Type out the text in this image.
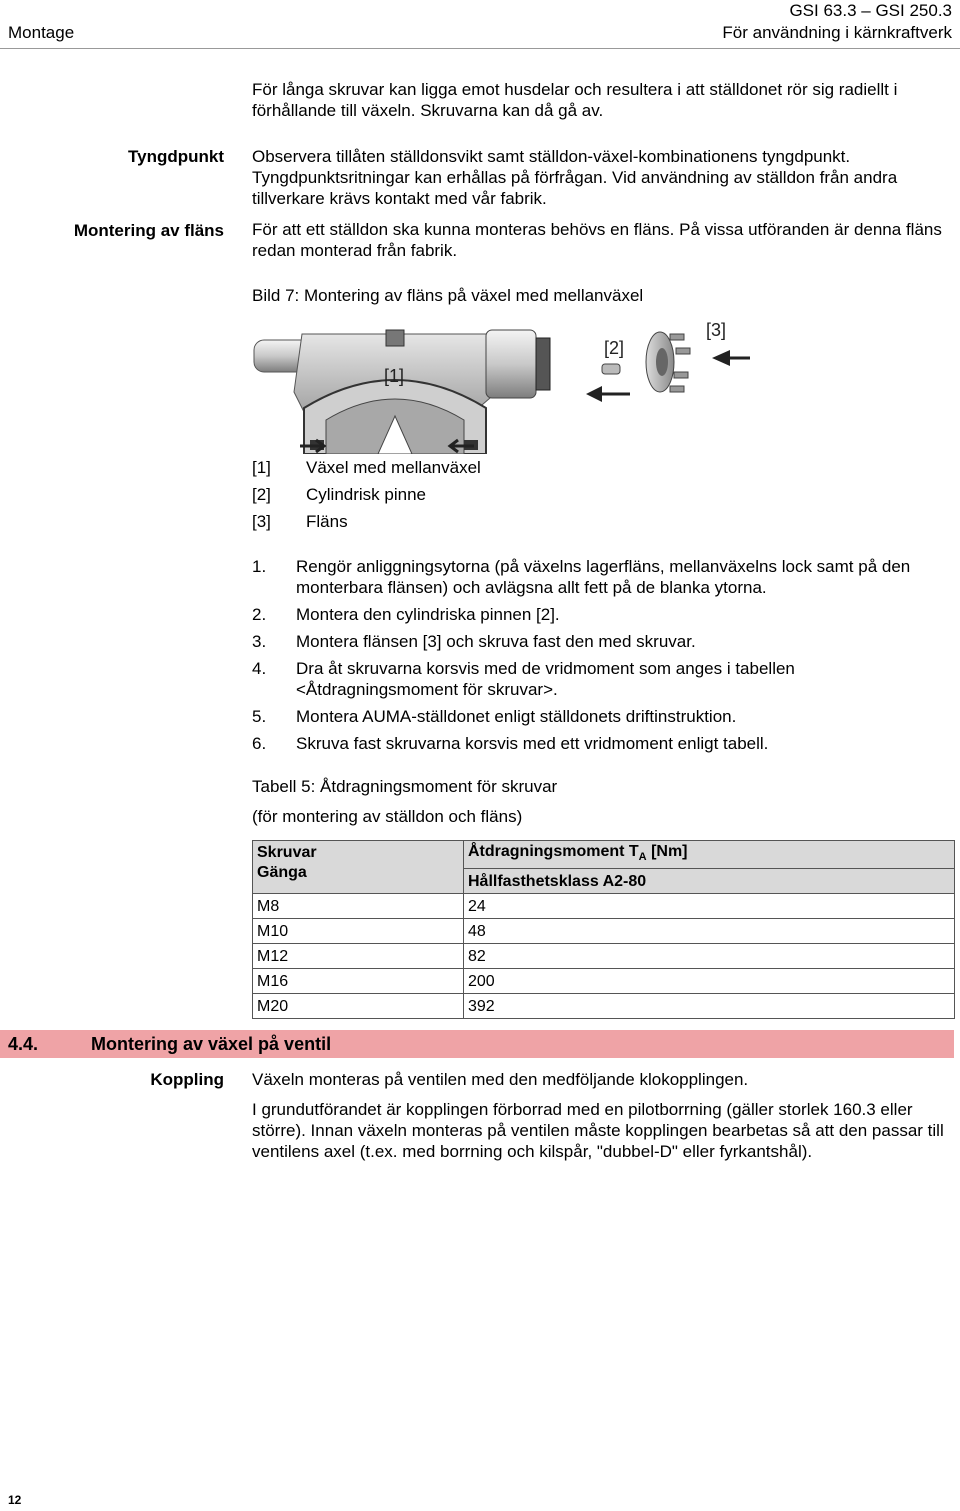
Montage
GSI 63.3 – GSI 250.3
För användning i kärnkraftverk

För långa skruvar kan ligga emot husdelar och resultera i att ställdonet rör sig radiellt i förhållande till växeln. Skruvarna kan då gå av.

Tyngdpunkt Observera tillåten ställdonsvikt samt ställdon-växel-kombinationens tyngdpunkt. Tyngdpunktsritningar kan erhållas på förfrågan. Vid användning av ställdon från andra tillverkare krävs kontakt med vår fabrik.

Montering av fläns För att ett ställdon ska kunna monteras behövs en fläns. På vissa utföranden är denna fläns redan monterad från fabrik.

Bild 7: Montering av fläns på växel med mellanväxel
[1]
[2]
[3]
[1] Växel med mellanväxel
[2] Cylindrisk pinne
[3] Fläns
1. Rengör anliggningsytorna (på växelns lagerfläns, mellanväxelns lock samt på den monterbara flänsen) och avlägsna allt fett på de blanka ytorna.
2. Montera den cylindriska pinnen [2].
3. Montera flänsen [3] och skruva fast den med skruvar.
4. Dra åt skruvarna korsvis med de vridmoment som anges i tabellen <Åtdragningsmoment för skruvar>.
5. Montera AUMA-ställdonet enligt ställdonets driftinstruktion.
6. Skruva fast skruvarna korsvis med ett vridmoment enligt tabell.
Tabell 5: Åtdragningsmoment för skruvar
(för montering av ställdon och fläns)
Skruvar
Gänga	Åtdragningsmoment $T_A$ [Nm]
	Hållfasthetsklass A2-80
M8	24
M10	48
M12	82
M16	200
M20	392
4.4.	Montering av växel på ventil
Koppling Växeln monteras på ventilen med den medföljande klokopplingen.

I grundutförandet är kopplingen förborrad med en pilotborrning (gäller storlek 160.3 eller större). Innan växeln monteras på ventilen måste kopplingen bearbetas så att den passar till ventilens axel (t.ex. med borrning och kilspår, "dubbel-D" eller fyrkantshål).

12
